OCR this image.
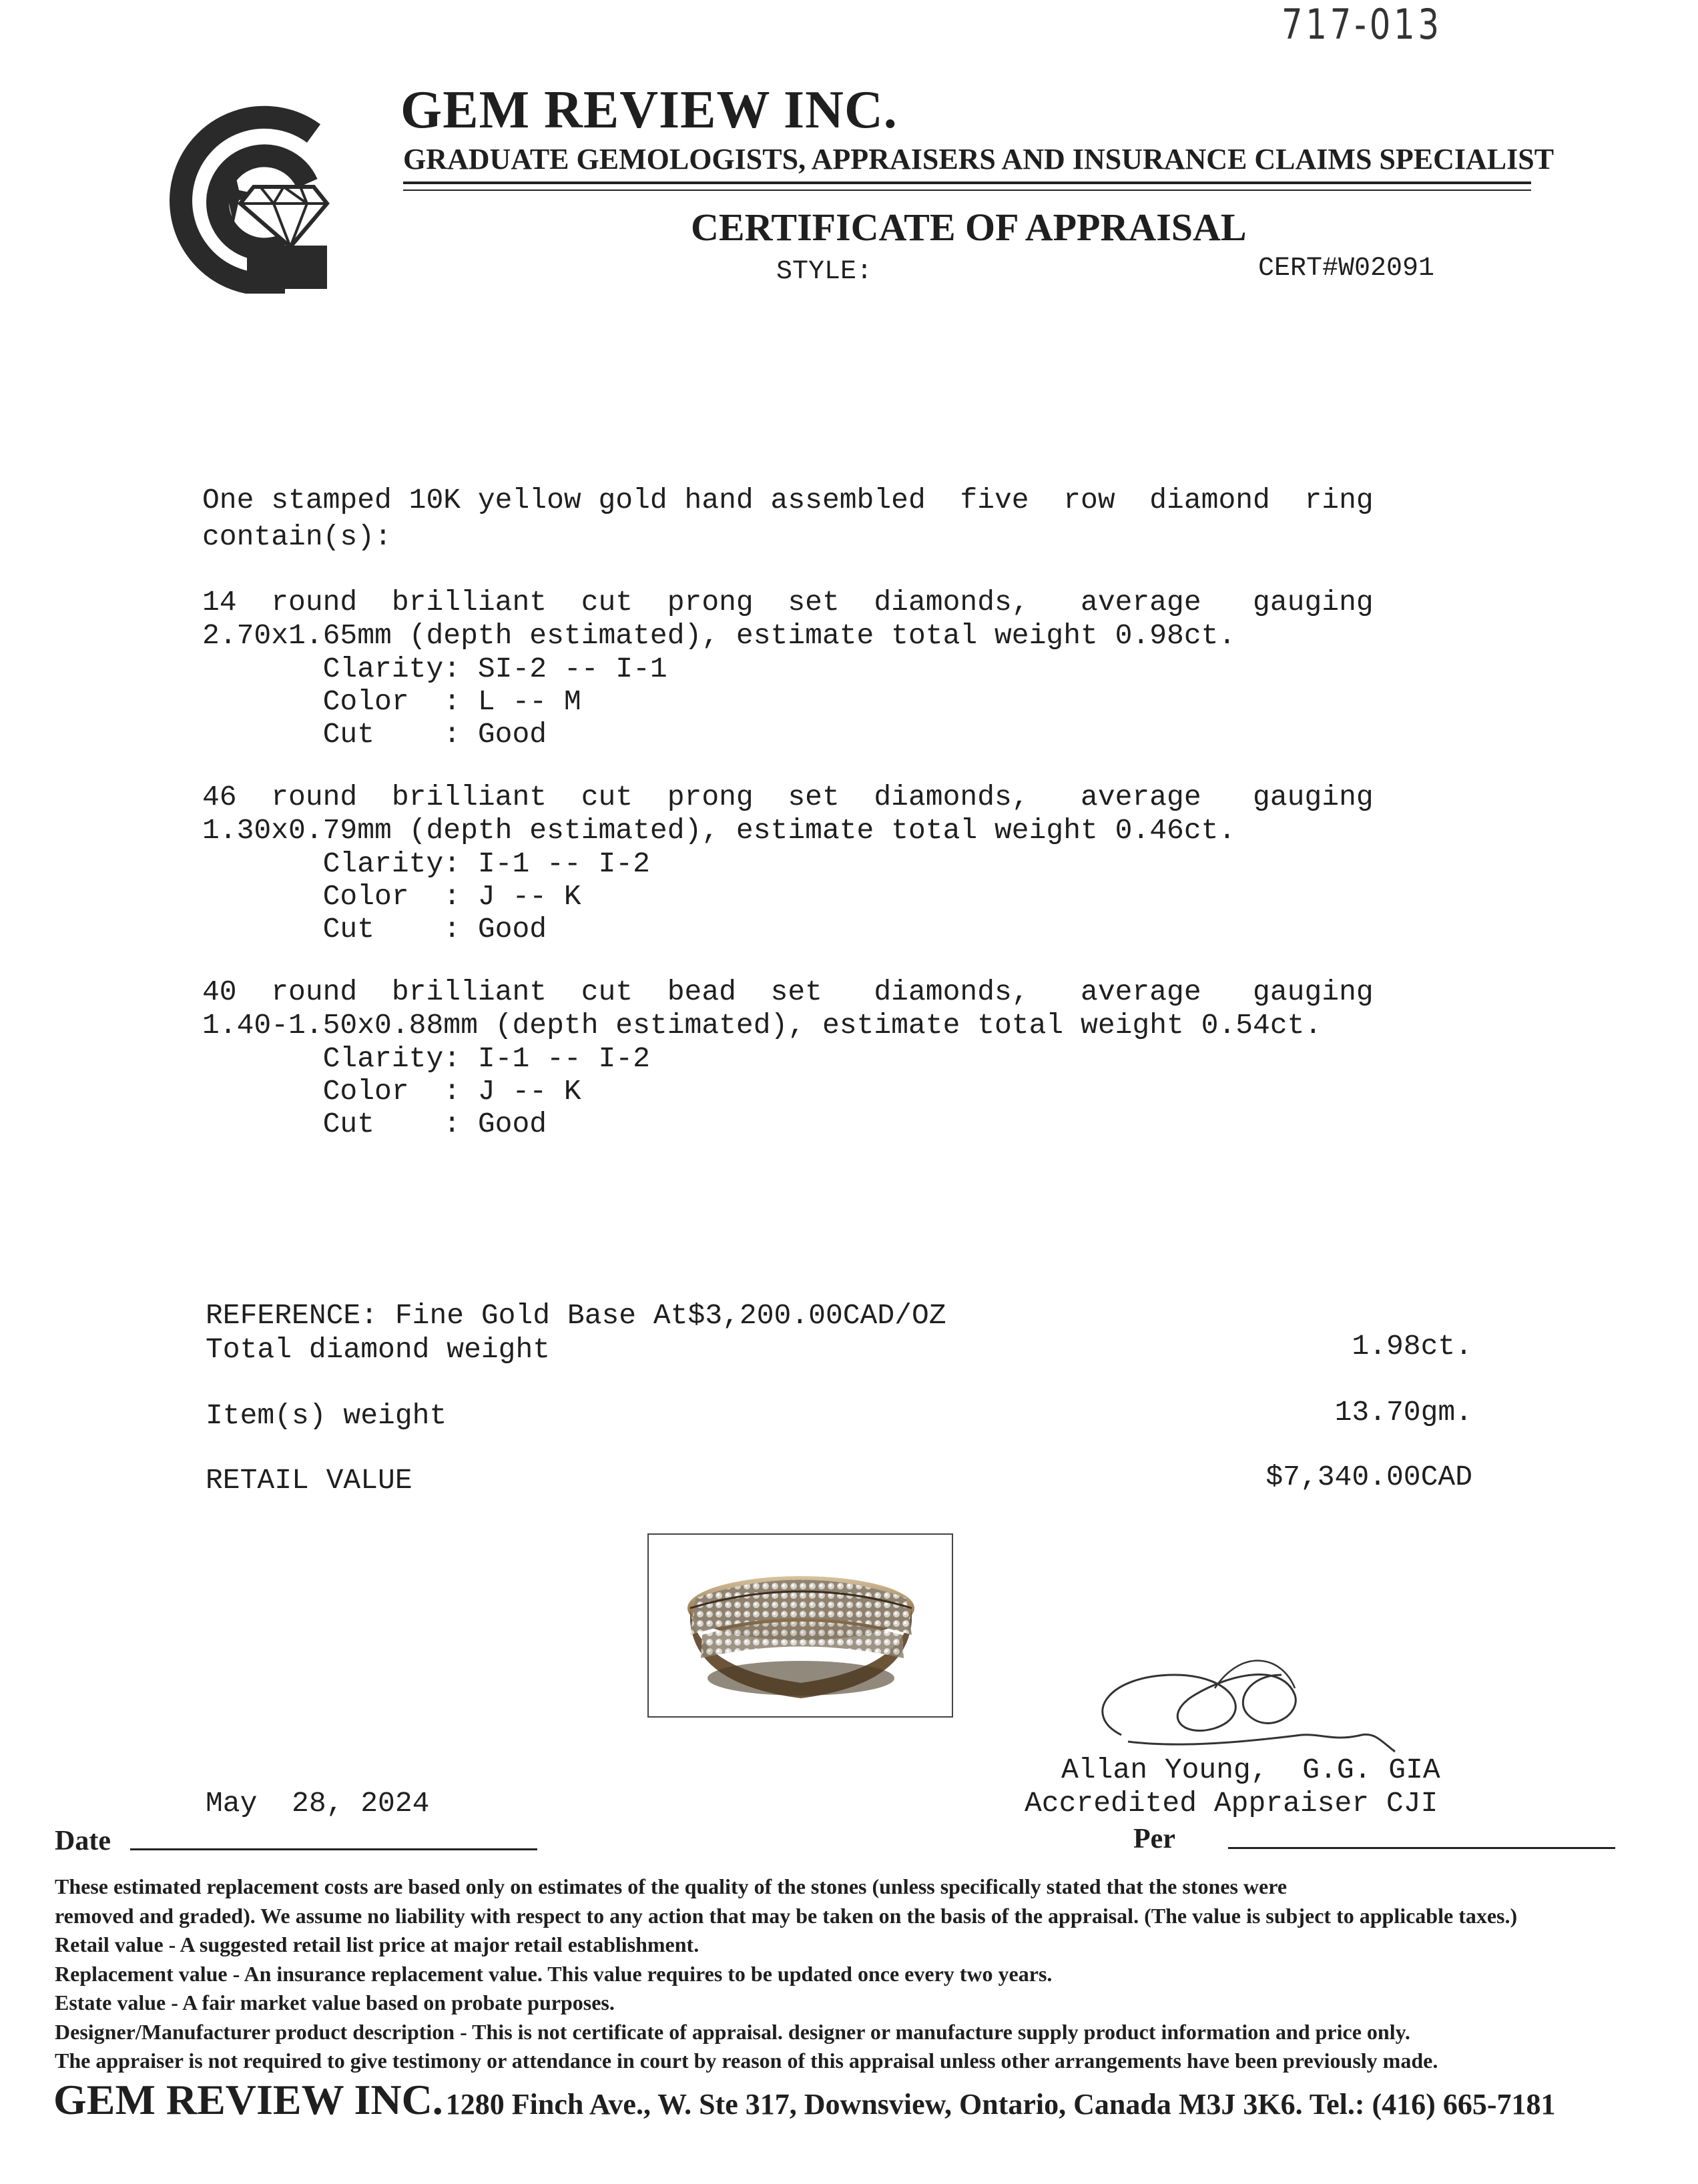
717-013
GEM REVIEW INC.
GRADUATE GEMOLOGISTS, APPRAISERS AND INSURANCE CLAIMS SPECIALIST
CERTIFICATE OF APPRAISAL
STYLE:	CERT#W02091
One stamped 10K yellow gold hand assembled  five  row  diamond  ring
contain(s):
14  round  brilliant  cut  prong  set  diamonds,   average   gauging
2.70x1.65mm (depth estimated), estimate total weight 0.98ct.
Clarity: SI-2 -- I-1
Color  : L -- M
Cut    : Good
46  round  brilliant  cut  prong  set  diamonds,   average   gauging
1.30x0.79mm (depth estimated), estimate total weight 0.46ct.
Clarity: I-1 -- I-2
Color  : J -- K
Cut    : Good
40  round  brilliant  cut  bead  set   diamonds,   average   gauging
1.40-1.50x0.88mm (depth estimated), estimate total weight 0.54ct.
Clarity: I-1 -- I-2
Color  : J -- K
Cut    : Good
REFERENCE: Fine Gold Base At$3,200.00CAD/OZ
Total diamond weight	1.98ct.
Item(s) weight	13.70gm.
RETAIL VALUE	$7,340.00CAD
Allan Young,  G.G. GIA
Accredited Appraiser CJI
May  28, 2024
Date	Per
These estimated replacement costs are based only on estimates of the quality of the stones (unless specifically stated that the stones were
removed and graded). We assume no liability with respect to any action that may be taken on the basis of the appraisal. (The value is subject to applicable taxes.)
Retail value - A suggested retail list price at major retail establishment.
Replacement value - An insurance replacement value. This value requires to be updated once every two years.
Estate value - A fair market value based on probate purposes.
Designer/Manufacturer product description - This is not certificate of appraisal. designer or manufacture supply product information and price only.
The appraiser is not required to give testimony or attendance in court by reason of this appraisal unless other arrangements have been previously made.
GEM REVIEW INC. 1280 Finch Ave., W. Ste 317, Downsview, Ontario, Canada M3J 3K6. Tel.: (416) 665-7181
